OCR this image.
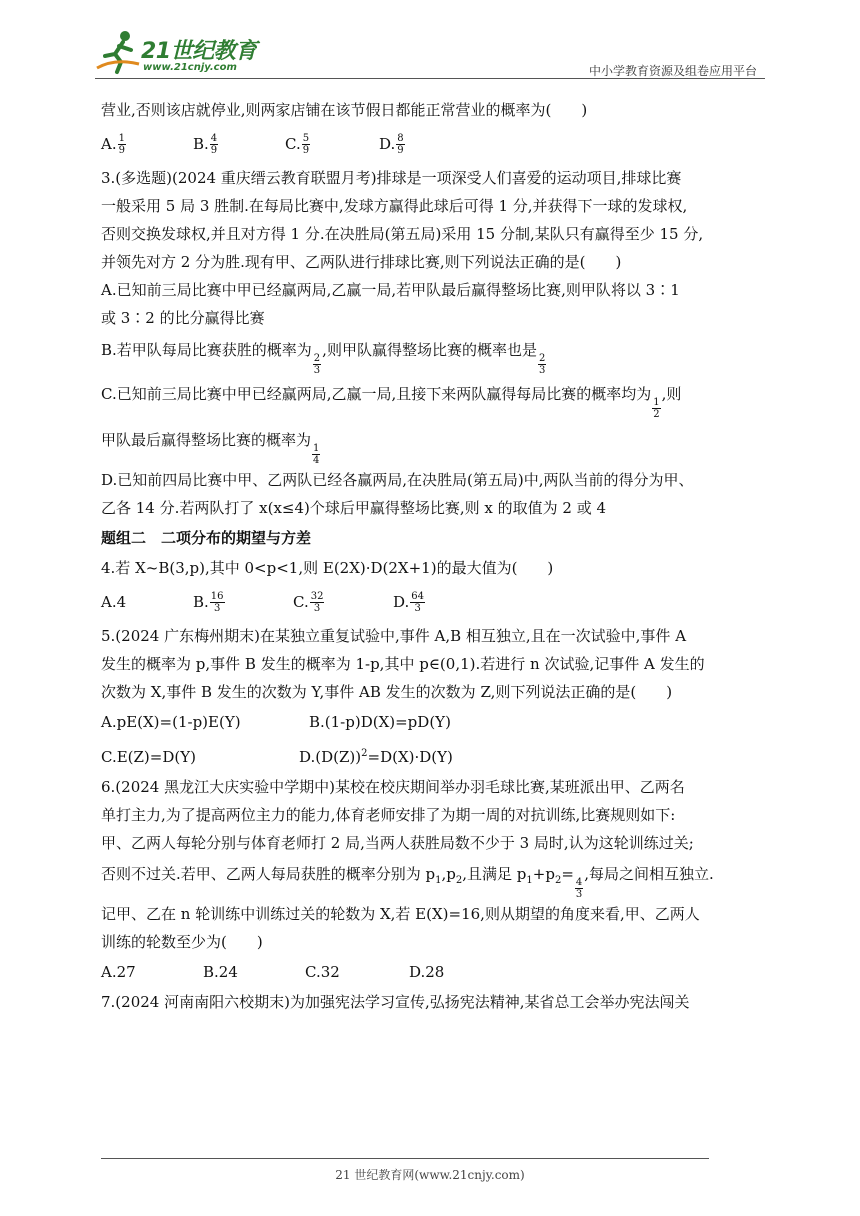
21世纪教育
www.21cnjy.com	中小学教育资源及组卷应用平台

营业,否则该店就停业,则两家店铺在该节假日都能正常营业的概率为(　　)

A. $\frac{1}{9}$	B. $\frac{4}{9}$	C. $\frac{5}{9}$	D. $\frac{8}{9}$

3.(多选题)(2024 重庆缙云教育联盟月考)排球是一项深受人们喜爱的运动项目,排球比赛

一般采用 5 局 3 胜制.在每局比赛中,发球方赢得此球后可得 1 分,并获得下一球的发球权,

否则交换发球权,并且对方得 1 分.在决胜局(第五局)采用 15 分制,某队只有赢得至少 15 分,

并领先对方 2 分为胜.现有甲、乙两队进行排球比赛,则下列说法正确的是(　　)

A.已知前三局比赛中甲已经赢两局,乙赢一局,若甲队最后赢得整场比赛,则甲队将以 3∶1

或 3∶2 的比分赢得比赛

B.若甲队每局比赛获胜的概率为
$\frac{2}{3}$
,则甲队赢得整场比赛的概率也是
$\frac{2}{3}$

C.已知前三局比赛中甲已经赢两局,乙赢一局,且接下来两队赢得每局比赛的概率均为
$\frac{1}{2}$
,则

甲队最后赢得整场比赛的概率为
$\frac{1}{4}$

D.已知前四局比赛中甲、乙两队已经各赢两局,在决胜局(第五局)中,两队当前的得分为甲、

乙各 14 分.若两队打了 x(x≤4)个球后甲赢得整场比赛,则 x 的取值为 2 或 4

题组二　二项分布的期望与方差

4.若 X~B(3,p),其中 0<p<1,则 E(2X)·D(2X+1)的最大值为(　　)

A.4	B. $\frac{16}{3}$	C. $\frac{32}{3}$	D. $\frac{64}{3}$

5.(2024 广东梅州期末)在某独立重复试验中,事件 A,B 相互独立,且在一次试验中,事件 A

发生的概率为 p,事件 B 发生的概率为 1-p,其中 p∈(0,1).若进行 n 次试验,记事件 A 发生的

次数为 X,事件 B 发生的次数为 Y,事件 AB 发生的次数为 Z,则下列说法正确的是(　　)

A.pE(X)=(1-p)E(Y)	B.(1-p)D(X)=pD(Y)
C.E(Z)=D(Y)	$D.(D(Z))^2=D(X)\cdot D(Y)$

6.(2024 黑龙江大庆实验中学期中)某校在校庆期间举办羽毛球比赛,某班派出甲、乙两名

单打主力,为了提高两位主力的能力,体育老师安排了为期一周的对抗训练,比赛规则如下:

甲、乙两人每轮分别与体育老师打 2 局,当两人获胜局数不少于 3 局时,认为这轮训练过关;

否则不过关.若甲、乙两人每局获胜的概率分别为 $p_1,p_2$,且满足 $p_1+p_2=$
$\frac{4}{3}$
,每局之间相互独立.

记甲、乙在 n 轮训练中训练过关的轮数为 X,若 E(X)=16,则从期望的角度来看,甲、乙两人

训练的轮数至少为(　　)

A.27	B.24	C.32	D.28

7.(2024 河南南阳六校期末)为加强宪法学习宣传,弘扬宪法精神,某省总工会举办宪法闯关

21 世纪教育网(www.21cnjy.com)
